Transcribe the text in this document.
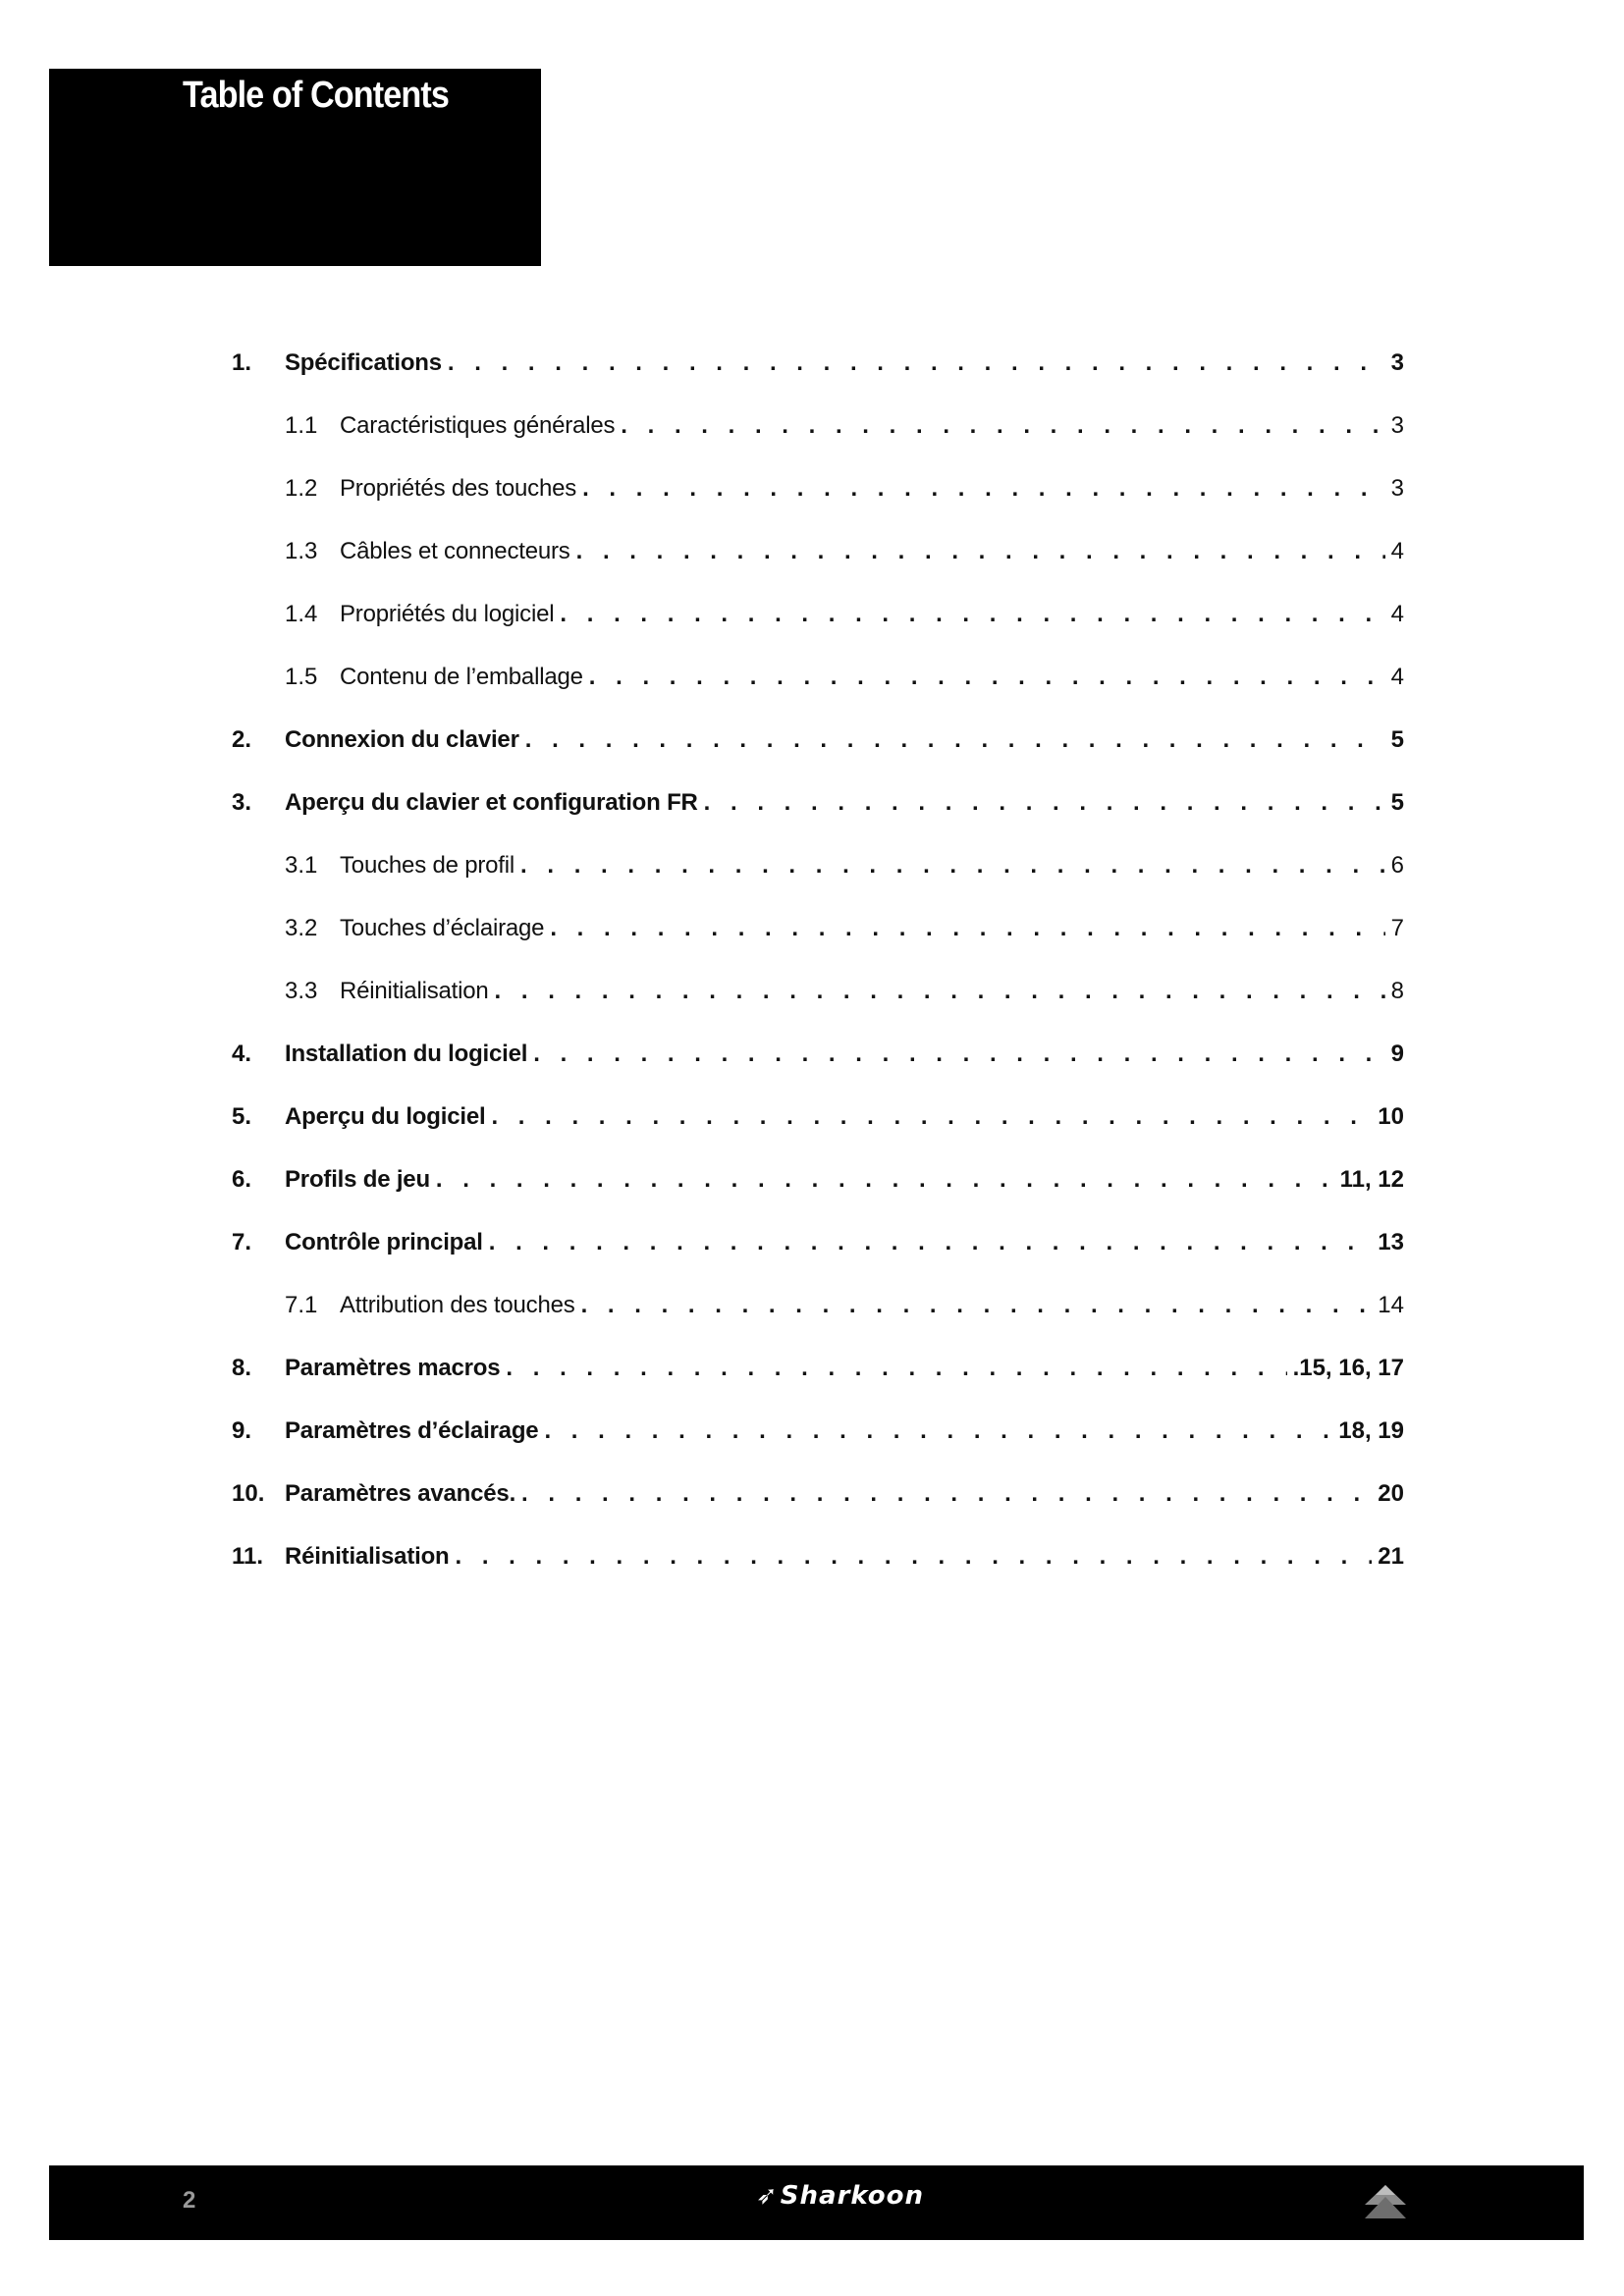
Table of Contents
1.	Spécifications . . .	3
1.1 Caractéristiques générales . . .	3
1.2 Propriétés des touches . . .	3
1.3 Câbles et connecteurs . . .	4
1.4 Propriétés du logiciel . . .	4
1.5 Contenu de l’emballage . . .	4
2.	Connexion du clavier . . .	5
3.	Aperçu du clavier et configuration FR . . .	5
3.1 Touches de profil . . .	6
3.2 Touches d’éclairage . . .	7
3.3 Réinitialisation . . .	8
4.	Installation du logiciel . . .	9
5.	Aperçu du logiciel . . .	10
6.	Profils de jeu . . .	11, 12
7.	Contrôle principal . . .	13
7.1 Attribution des touches . . .	14
8.	Paramètres macros . . .	.15, 16, 17
9.	Paramètres d’éclairage . . .	18, 19
10. Paramètres avancés. . . .	20
11. Réinitialisation . . .	21
2	➶Sharkoon
